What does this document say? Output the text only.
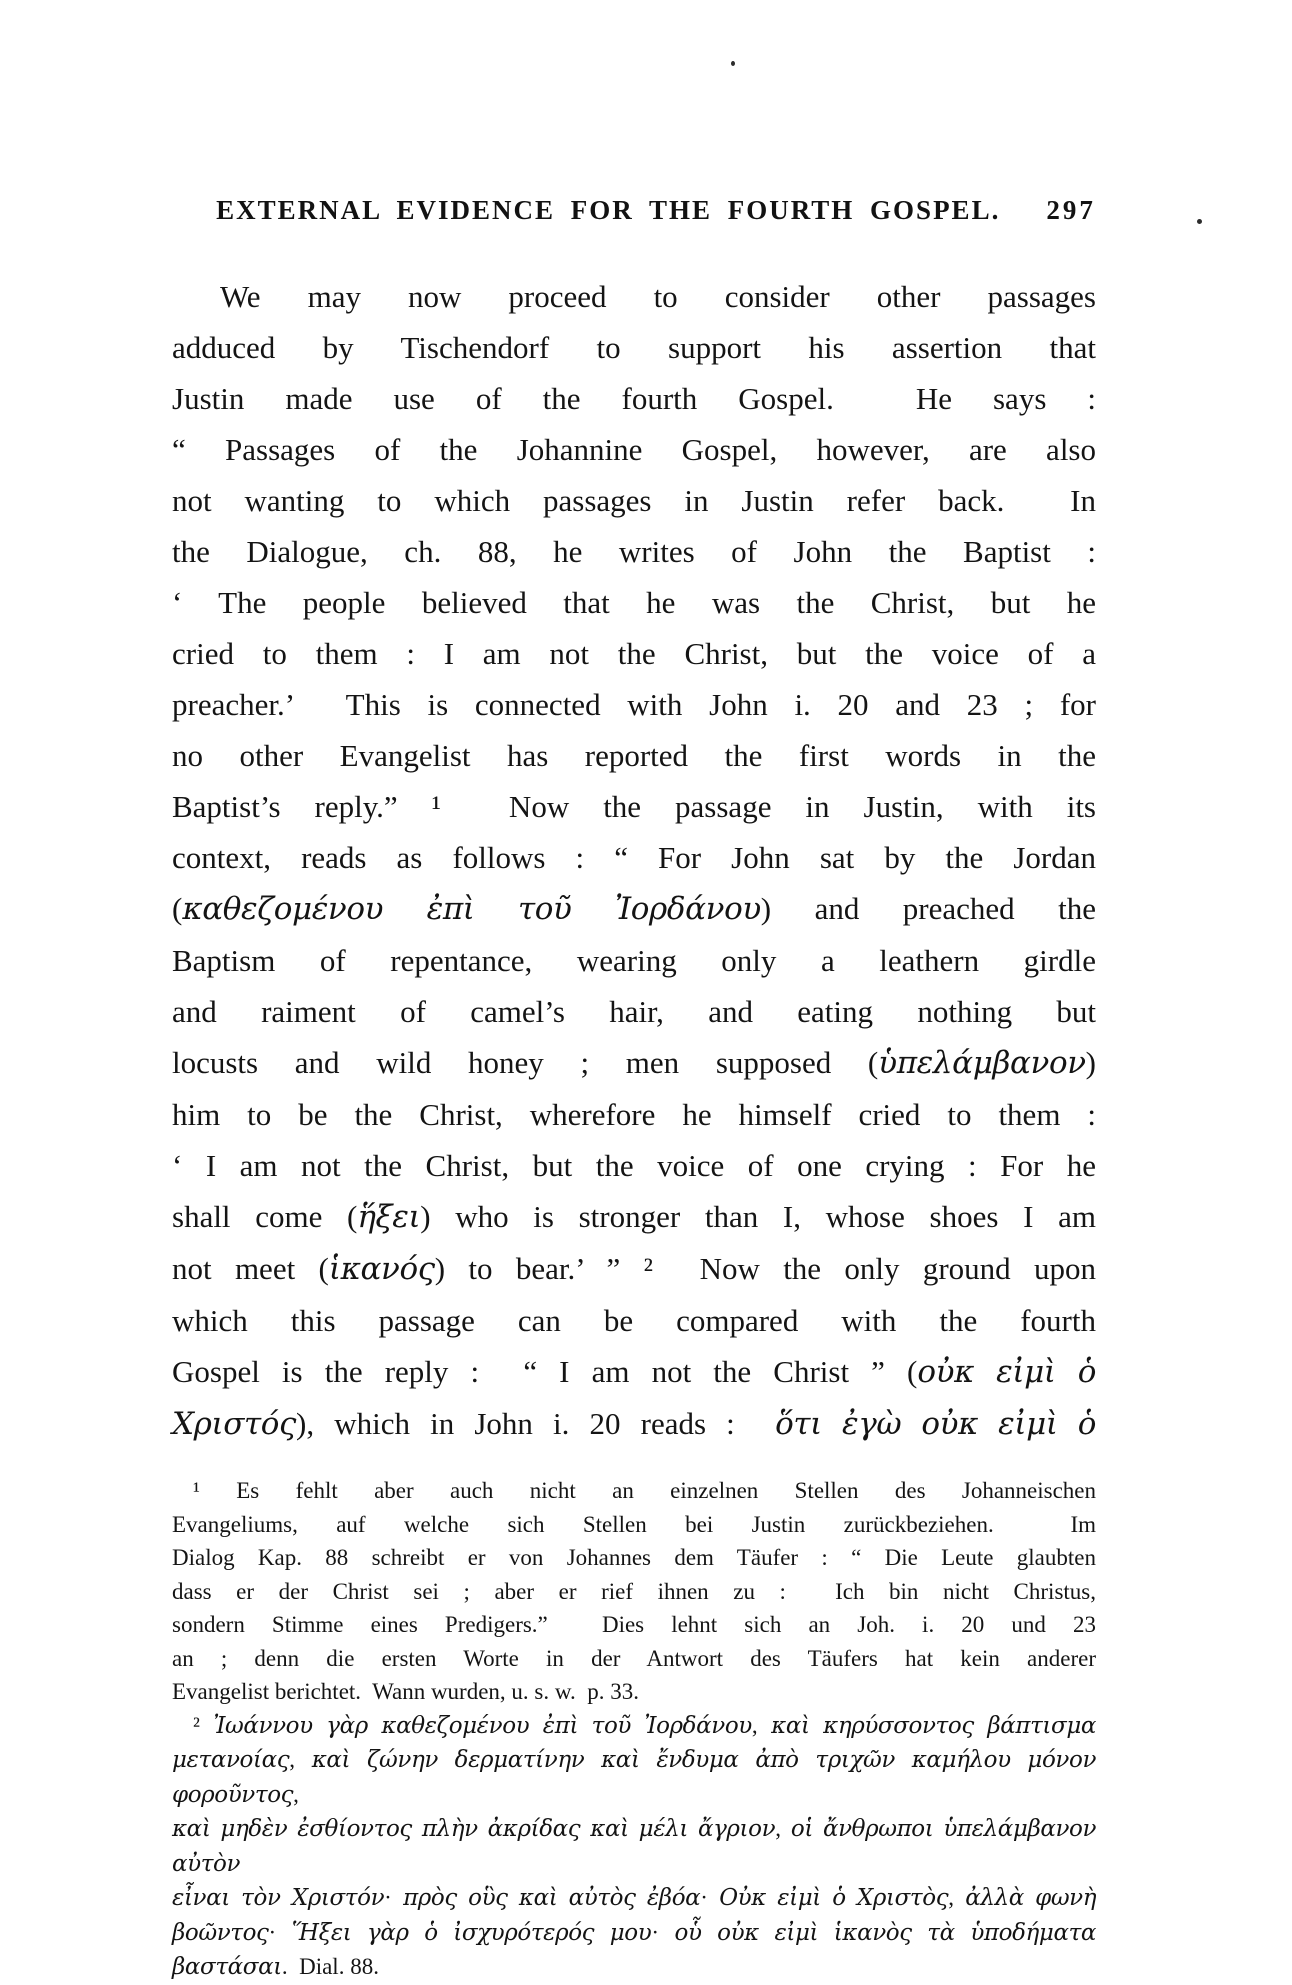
EXTERNAL EVIDENCE FOR THE FOURTH GOSPEL. 297
We may now proceed to consider other passages
adduced by Tischendorf to support his assertion that
Justin made use of the fourth Gospel.  He says :
“ Passages of the Johannine Gospel, however, are also
not wanting to which passages in Justin refer back.  In
the Dialogue, ch. 88, he writes of John the Baptist :
‘ The people believed that he was the Christ, but he
cried to them : I am not the Christ, but the voice of a
preacher.’  This is connected with John i. 20 and 23 ; for
no other Evangelist has reported the first words in the
Baptist’s reply.” ¹  Now the passage in Justin, with its
context, reads as follows : “ For John sat by the Jordan
(καθεζομένου ἐπὶ τοῦ Ἰορδάνου) and preached the
Baptism of repentance, wearing only a leathern girdle
and raiment of camel’s hair, and eating nothing but
locusts and wild honey ; men supposed (ὑπελάμβανον)
him to be the Christ, wherefore he himself cried to them :
‘ I am not the Christ, but the voice of one crying : For he
shall come (ἥξει) who is stronger than I, whose shoes I am
not meet (ἱκανός) to bear.’ ” ²  Now the only ground upon
which this passage can be compared with the fourth
Gospel is the reply :  “ I am not the Christ ” (οὐκ εἰμὶ ὁ
Χριστός), which in John i. 20 reads :  ὅτι ἐγὼ οὐκ εἰμὶ ὁ
¹ Es fehlt aber auch nicht an einzelnen Stellen des Johanneischen
Evangeliums, auf welche sich Stellen bei Justin zurückbeziehen.  Im
Dialog Kap. 88 schreibt er von Johannes dem Täufer : “ Die Leute glaubten
dass er der Christ sei ; aber er rief ihnen zu :  Ich bin nicht Christus,
sondern Stimme eines Predigers.”  Dies lehnt sich an Joh. i. 20 und 23
an ; denn die ersten Worte in der Antwort des Täufers hat kein anderer
Evangelist berichtet.  Wann wurden, u. s. w.  p. 33.
² Ἰωάννου γὰρ καθεζομένου ἐπὶ τοῦ Ἰορδάνου, καὶ κηρύσσοντος βάπτισμα
μετανοίας, καὶ ζώνην δερματίνην καὶ ἔνδυμα ἀπὸ τριχῶν καμήλου μόνον φοροῦντος,
καὶ μηδὲν ἐσθίοντος πλὴν ἀκρίδας καὶ μέλι ἄγριον, οἱ ἄνθρωποι ὑπελάμβανον αὐτὸν
εἶναι τὸν Χριστόν· πρὸς οὓς καὶ αὐτὸς ἐβόα· Οὐκ εἰμὶ ὁ Χριστὸς, ἀλλὰ φωνὴ
βοῶντος· Ἥξει γὰρ ὁ ἰσχυρότερός μου· οὗ οὐκ εἰμὶ ἱκανὸς τὰ ὑποδήματα
βαστάσαι.  Dial. 88.
